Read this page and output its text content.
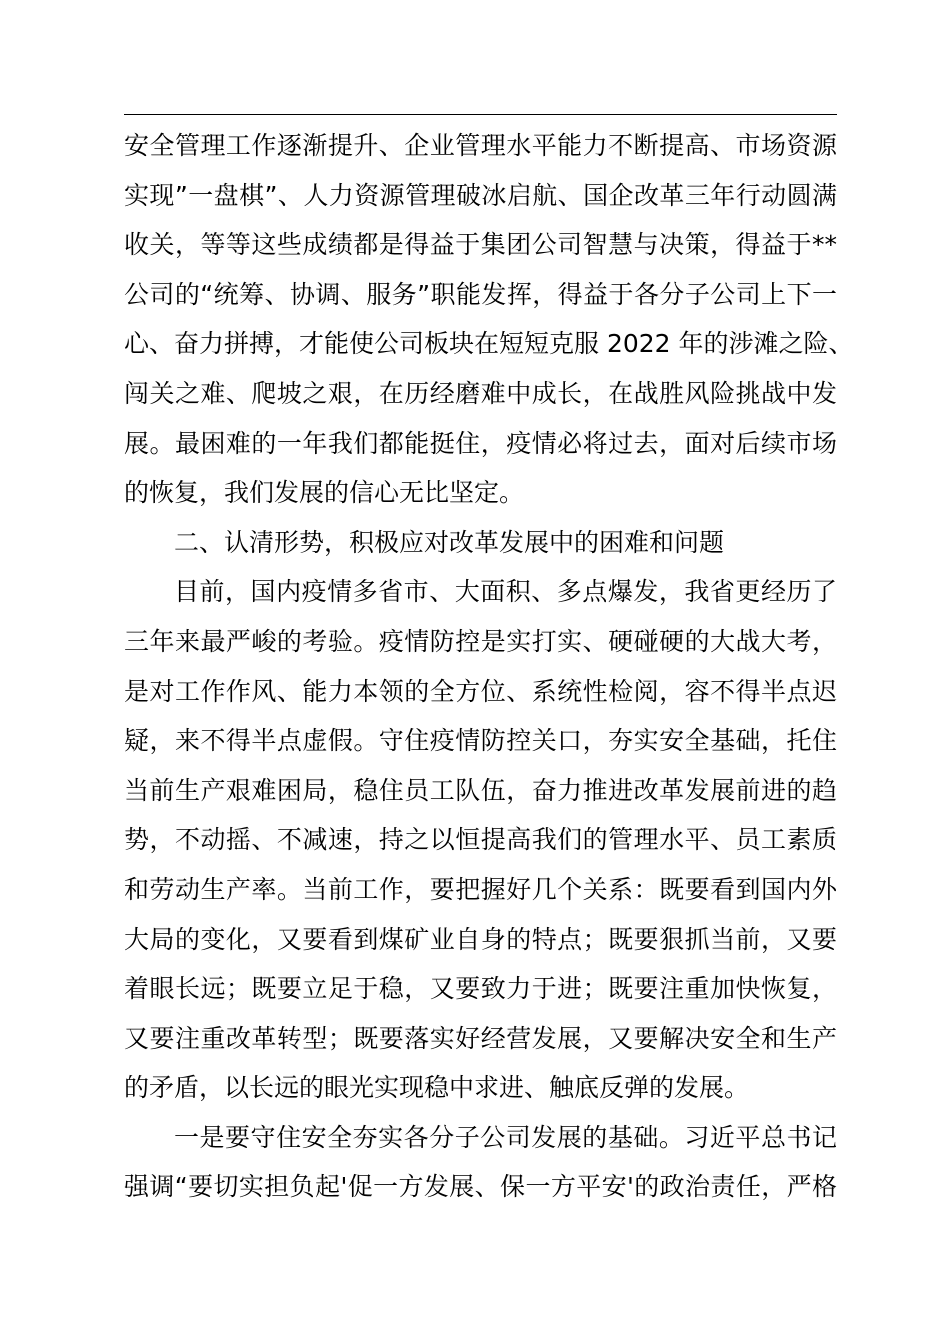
安全管理工作逐渐提升、企业管理水平能力不断提高、市场资源
实现”一盘棋”、人力资源管理破冰启航、国企改革三年行动圆满
收关，等等这些成绩都是得益于集团公司智慧与决策，得益于**
公司的“统筹、协调、服务”职能发挥，得益于各分子公司上下一
心、奋力拼搏，才能使公司板块在短短克服 2022 年的涉滩之险、
闯关之难、爬坡之艰，在历经磨难中成长，在战胜风险挑战中发
展。最困难的一年我们都能挺住，疫情必将过去，面对后续市场
的恢复，我们发展的信心无比坚定。
二、认清形势，积极应对改革发展中的困难和问题
目前，国内疫情多省市、大面积、多点爆发，我省更经历了
三年来最严峻的考验。疫情防控是实打实、硬碰硬的大战大考，
是对工作作风、能力本领的全方位、系统性检阅，容不得半点迟
疑，来不得半点虚假。守住疫情防控关口，夯实安全基础，托住
当前生产艰难困局，稳住员工队伍，奋力推进改革发展前进的趋
势，不动摇、不减速，持之以恒提高我们的管理水平、员工素质
和劳动生产率。当前工作，要把握好几个关系：既要看到国内外
大局的变化，又要看到煤矿业自身的特点；既要狠抓当前，又要
着眼长远；既要立足于稳，又要致力于进；既要注重加快恢复，
又要注重改革转型；既要落实好经营发展，又要解决安全和生产
的矛盾，以长远的眼光实现稳中求进、触底反弹的发展。
一是要守住安全夯实各分子公司发展的基础。习近平总书记
强调“要切实担负起'促一方发展、保一方平安'的政治责任，严格
